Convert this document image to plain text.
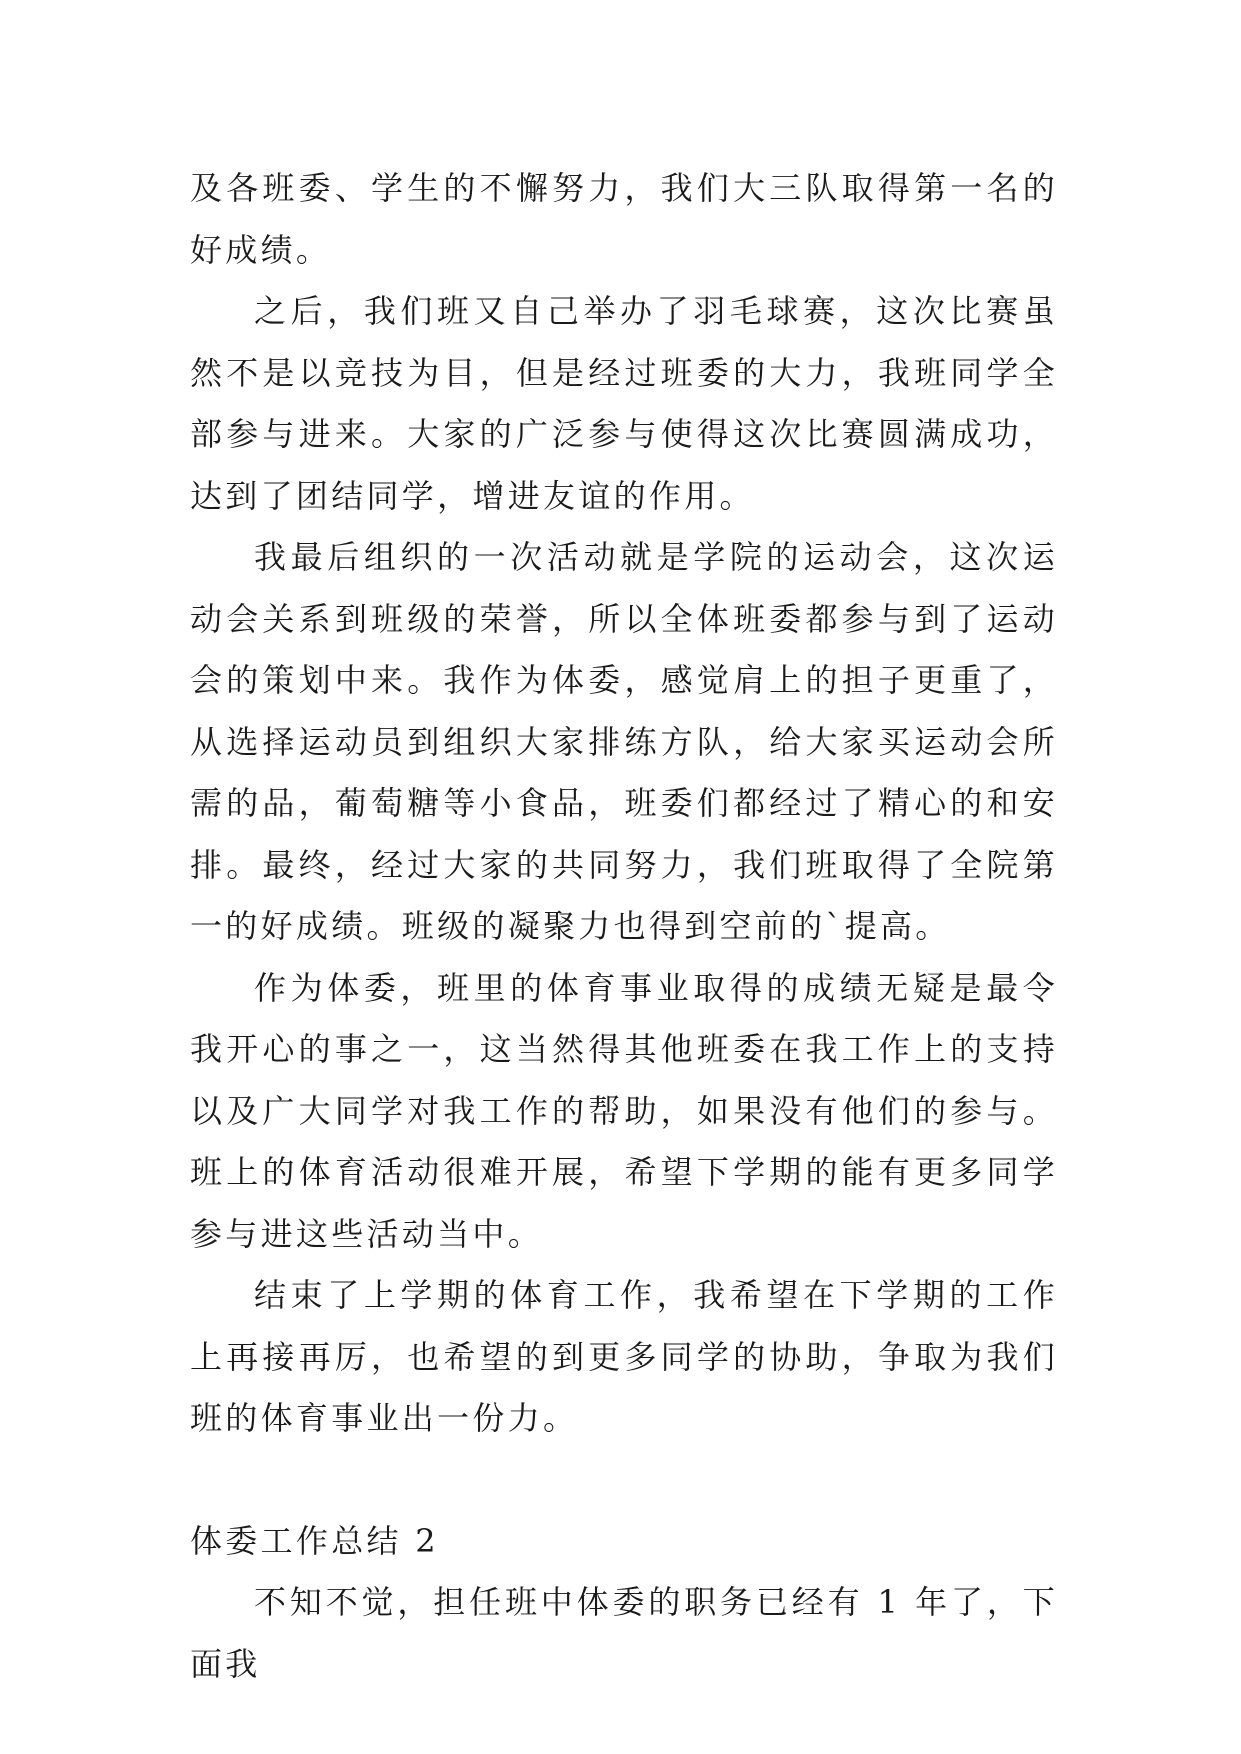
及各班委、学生的不懈努力，我们大三队取得第一名的好成绩。

之后，我们班又自己举办了羽毛球赛，这次比赛虽然不是以竞技为目，但是经过班委的大力，我班同学全部参与进来。大家的广泛参与使得这次比赛圆满成功，达到了团结同学，增进友谊的作用。

我最后组织的一次活动就是学院的运动会，这次运动会关系到班级的荣誉，所以全体班委都参与到了运动会的策划中来。我作为体委，感觉肩上的担子更重了，从选择运动员到组织大家排练方队，给大家买运动会所需的品，葡萄糖等小食品，班委们都经过了精心的和安排。最终，经过大家的共同努力，我们班取得了全院第一的好成绩。班级的凝聚力也得到空前的`提高。

作为体委，班里的体育事业取得的成绩无疑是最令我开心的事之一，这当然得其他班委在我工作上的支持以及广大同学对我工作的帮助，如果没有他们的参与。班上的体育活动很难开展，希望下学期的能有更多同学参与进这些活动当中。

结束了上学期的体育工作，我希望在下学期的工作上再接再厉，也希望的到更多同学的协助，争取为我们班的体育事业出一份力。

体委工作总结 2

不知不觉，担任班中体委的职务已经有 1 年了，下面我
